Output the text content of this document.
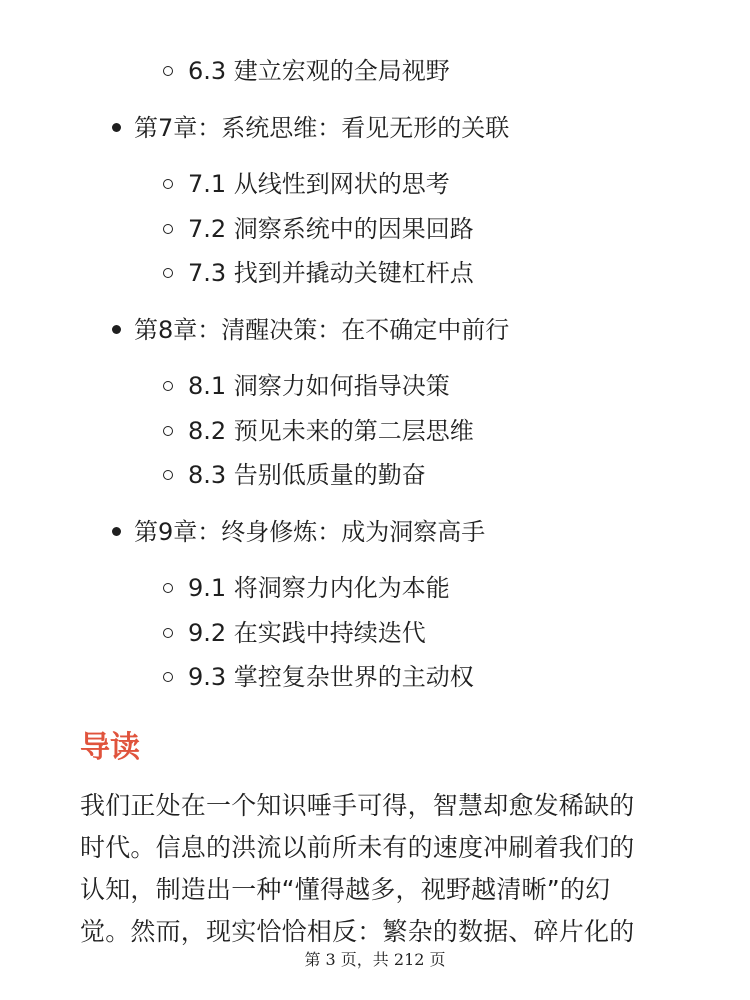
6.3 建立宏观的全局视野
第7章：系统思维：看见无形的关联
7.1 从线性到网状的思考
7.2 洞察系统中的因果回路
7.3 找到并撬动关键杠杆点
第8章：清醒决策：在不确定中前行
8.1 洞察力如何指导决策
8.2 预见未来的第二层思维
8.3 告别低质量的勤奋
第9章：终身修炼：成为洞察高手
9.1 将洞察力内化为本能
9.2 在实践中持续迭代
9.3 掌控复杂世界的主动权
导读
我们正处在一个知识唾手可得，智慧却愈发稀缺的
时代。信息的洪流以前所未有的速度冲刷着我们的
认知，制造出一种“懂得越多，视野越清晰”的幻
觉。然而，现实恰恰相反：繁杂的数据、碎片化的
第 3 页，共 212 页
